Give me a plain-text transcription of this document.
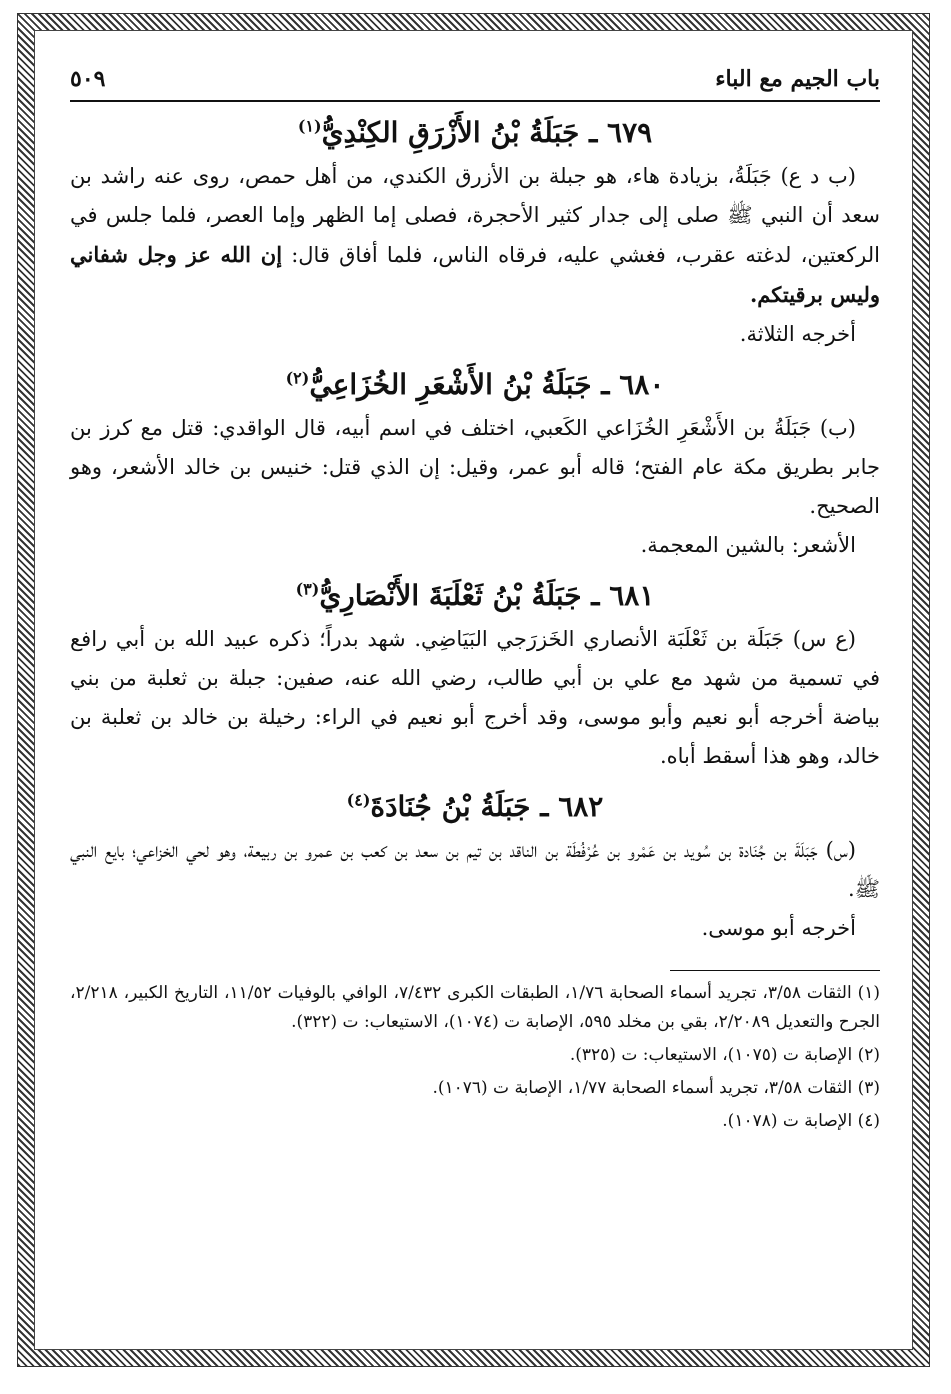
باب الجيم مع الباء
٥٠٩
٦٧٩ ـ جَبَلَةُ بْنُ الأَزْرَقِ الكِنْدِيُّ$^{(١)}$

(ب د ع) جَبَلَةُ، بزيادة هاء، هو جبلة بن الأزرق الكندي، من أهل حمص، روى عنه راشد بن سعد أن النبي ﷺ صلى إلى جدار كثير الأحجرة، فصلى إما الظهر وإما العصر، فلما جلس في الركعتين، لدغته عقرب، فغشي عليه، فرقاه الناس، فلما أفاق قال: إن الله عز وجل شفاني وليس برقيتكم.

أخرجه الثلاثة.

٦٨٠ ـ جَبَلَةُ بْنُ الأَشْعَرِ الخُزَاعِيُّ$^{(٢)}$

(ب) جَبَلَةُ بن الأَشْعَرِ الخُزَاعي الكَعبي، اختلف في اسم أبيه، قال الواقدي: قتل مع كرز بن جابر بطريق مكة عام الفتح؛ قاله أبو عمر، وقيل: إن الذي قتل: خنيس بن خالد الأشعر، وهو الصحيح.

الأشعر: بالشين المعجمة.

٦٨١ ـ جَبَلَةُ بْنُ ثَعْلَبَةَ الأَنْصَارِيُّ$^{(٣)}$

(ع س) جَبَلَة بن ثَعْلَبَة الأنصاري الخَزرَجي البَيَاضِي. شهد بدراً؛ ذكره عبيد الله بن أبي رافع في تسمية من شهد مع علي بن أبي طالب، رضي الله عنه، صفين: جبلة بن ثعلبة من بني بياضة أخرجه أبو نعيم وأبو موسى، وقد أخرج أبو نعيم في الراء: رخيلة بن خالد بن ثعلبة بن خالد، وهو هذا أسقط أباه.

٦٨٢ ـ جَبَلَةُ بْنُ جُنَادَةَ$^{(٤)}$

(س) جَبَلَةَ بن جُنَادة بن سُويد بن عَمْرو بن عُرْفُطَة بن الناقد بن تيم بن سعد بن كعب بن عمرو بن ربيعة، وهو لحي الخزاعي؛ بايع النبي ﷺ.

أخرجه أبو موسى.

(١) الثقات ٣/٥٨، تجريد أسماء الصحابة ١/٧٦، الطبقات الكبرى ٧/٤٣٢، الوافي بالوفيات ١١/٥٢، التاريخ الكبير، ٢/٢١٨، الجرح والتعديل ٢/٢٠٨٩، بقي بن مخلد ٥٩٥، الإصابة ت (١٠٧٤)، الاستيعاب: ت (٣٢٢).
(٢) الإصابة ت (١٠٧٥)، الاستيعاب: ت (٣٢٥).
(٣) الثقات ٣/٥٨، تجريد أسماء الصحابة ١/٧٧، الإصابة ت (١٠٧٦).
(٤) الإصابة ت (١٠٧٨).
